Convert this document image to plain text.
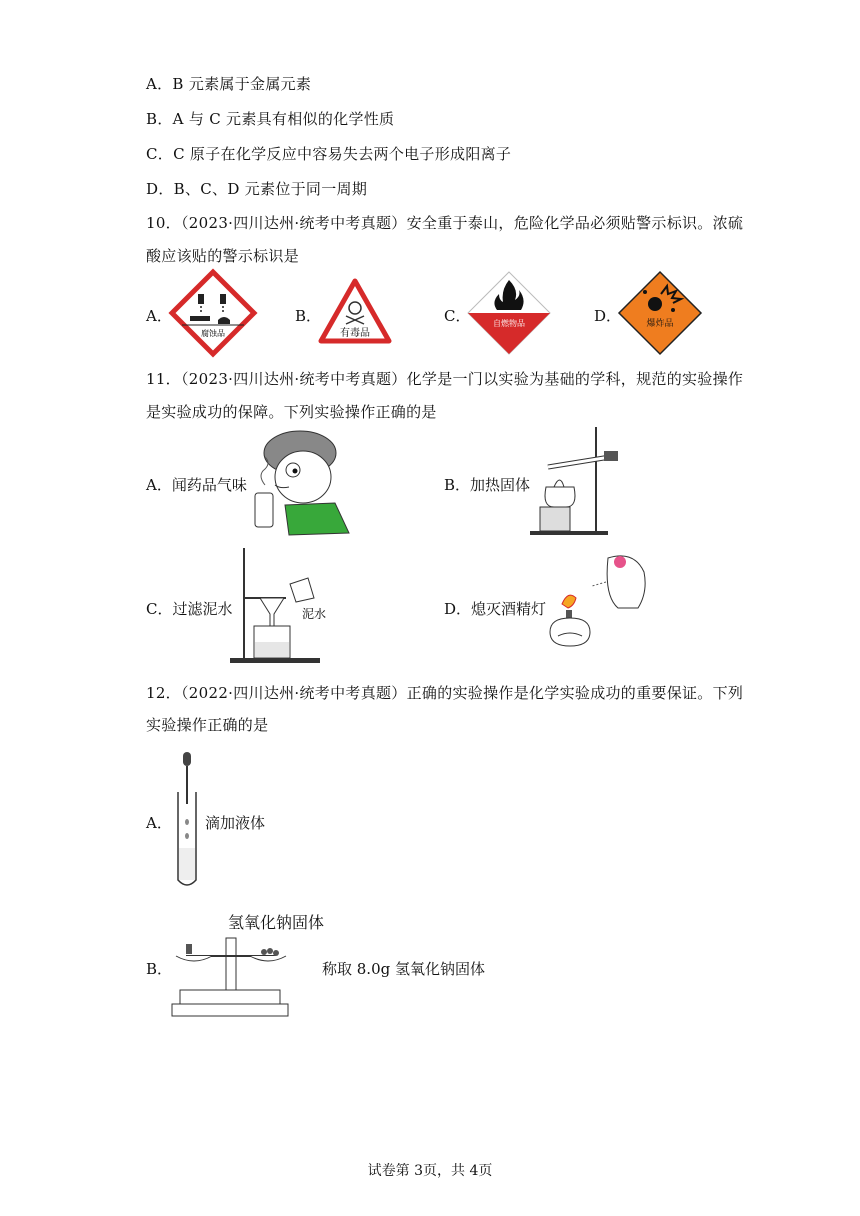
A．B 元素属于金属元素
B．A 与 C 元素具有相似的化学性质
C．C 原子在化学反应中容易失去两个电子形成阳离子
D．B、C、D 元素位于同一周期
10．（2023·四川达州·统考中考真题）安全重于泰山，危险化学品必须贴警示标识。浓硫
酸应该贴的警示标识是
A．
腐蚀品
B．
有毒品
C．	自燃物品	D．	爆炸品
11．（2023·四川达州·统考中考真题）化学是一门以实验为基础的学科，规范的实验操作
是实验成功的保障。下列实验操作正确的是
A．闻药品气味	B．加热固体
C．过滤泥水	泥水	D．熄灭酒精灯
12．（2022·四川达州·统考中考真题）正确的实验操作是化学实验成功的重要保证。下列
实验操作正确的是
A． 滴加液体
B．
氢氧化钠固体
称取 8.0g 氢氧化钠固体
试卷第 3页，共 4页
